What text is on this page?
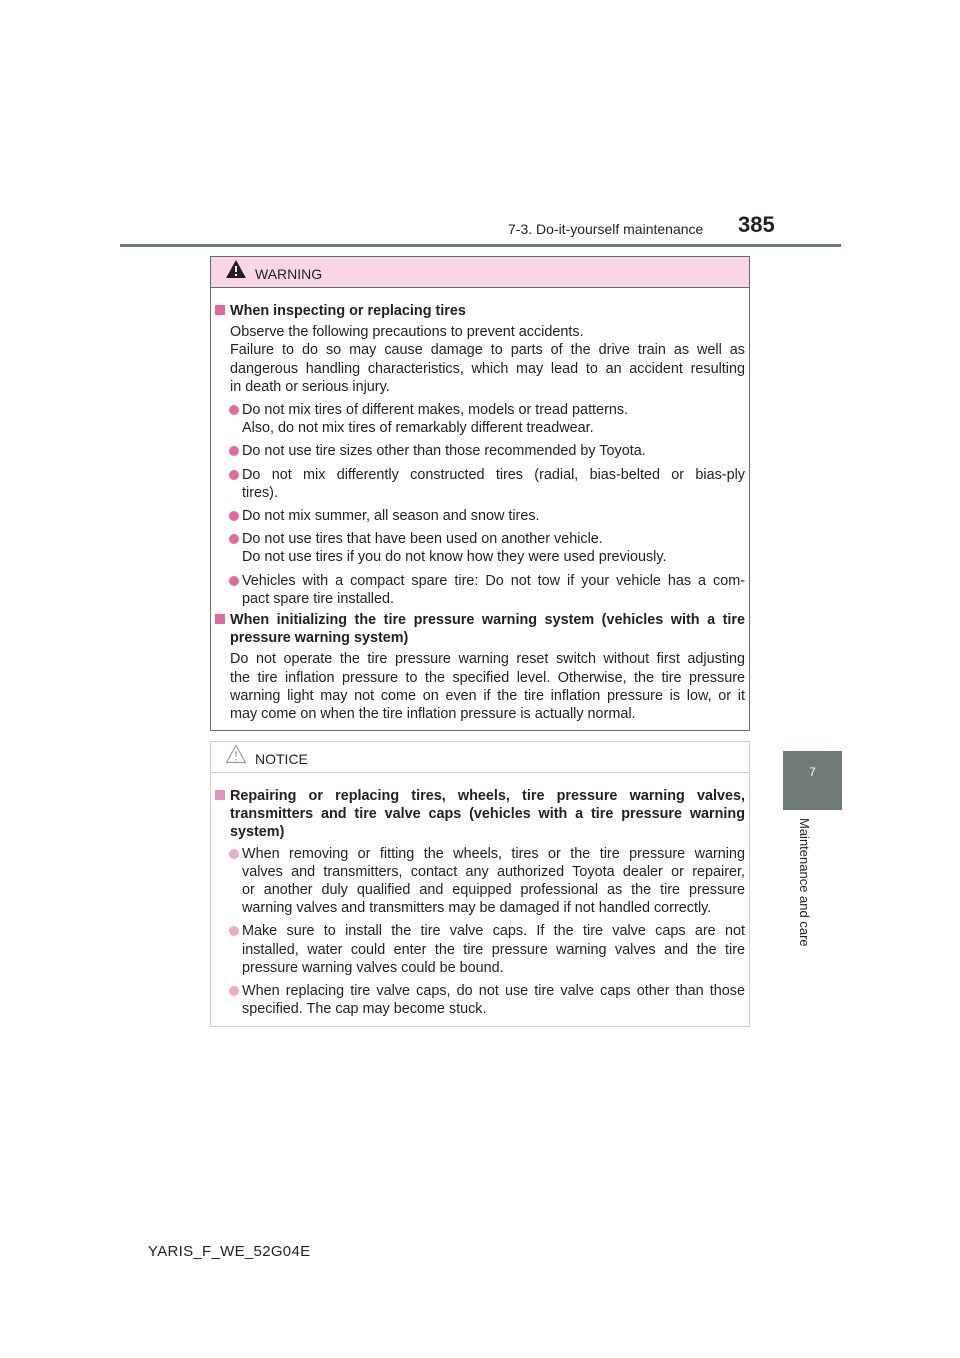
7-3. Do-it-yourself maintenance 385
7
Maintenance and care
WARNING
When inspecting or replacing tires
Observe the following precautions to prevent accidents.
Failure to do so may cause damage to parts of the drive train as well as
dangerous handling characteristics, which may lead to an accident resulting
in death or serious injury.
Do not mix tires of different makes, models or tread patterns.
Also, do not mix tires of remarkably different treadwear.
Do not use tire sizes other than those recommended by Toyota.
Do not mix differently constructed tires (radial, bias-belted or bias-ply
tires).
Do not mix summer, all season and snow tires.
Do not use tires that have been used on another vehicle.
Do not use tires if you do not know how they were used previously.
Vehicles with a compact spare tire: Do not tow if your vehicle has a com-
pact spare tire installed.
When initializing the tire pressure warning system (vehicles with a tire
pressure warning system)
Do not operate the tire pressure warning reset switch without first adjusting
the tire inflation pressure to the specified level. Otherwise, the tire pressure
warning light may not come on even if the tire inflation pressure is low, or it
may come on when the tire inflation pressure is actually normal.
NOTICE
Repairing or replacing tires, wheels, tire pressure warning valves,
transmitters and tire valve caps (vehicles with a tire pressure warning
system)
When removing or fitting the wheels, tires or the tire pressure warning
valves and transmitters, contact any authorized Toyota dealer or repairer,
or another duly qualified and equipped professional as the tire pressure
warning valves and transmitters may be damaged if not handled correctly.
Make sure to install the tire valve caps. If the tire valve caps are not
installed, water could enter the tire pressure warning valves and the tire
pressure warning valves could be bound.
When replacing tire valve caps, do not use tire valve caps other than those
specified. The cap may become stuck.
YARIS_F_WE_52G04E
